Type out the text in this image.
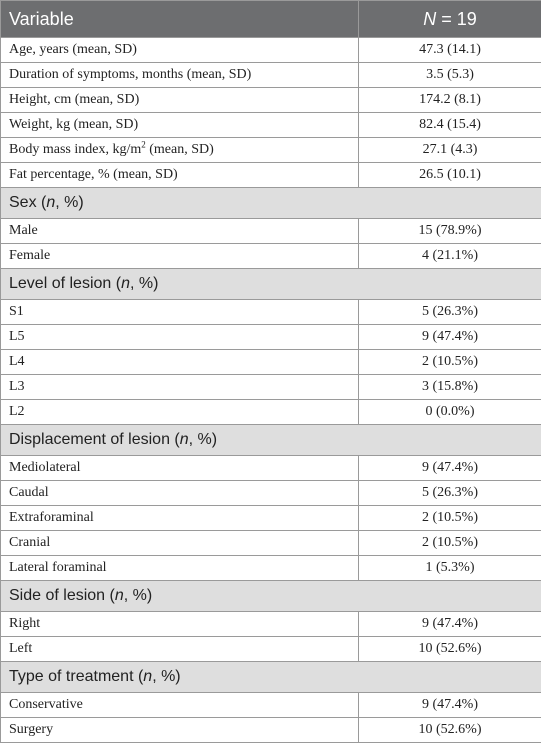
Variable	N = 19
Age, years (mean, SD)	47.3 (14.1)
Duration of symptoms, months (mean, SD)	3.5 (5.3)
Height, cm (mean, SD)	174.2 (8.1)
Weight, kg (mean, SD)	82.4 (15.4)
Body mass index, $kg/m^2$ (mean, SD)	27.1 (4.3)
Fat percentage, % (mean, SD)	26.5 (10.1)
Sex (n, %)	
Male	15 (78.9%)
Female	4 (21.1%)
Level of lesion (n, %)	
S1	5 (26.3%)
L5	9 (47.4%)
L4	2 (10.5%)
L3	3 (15.8%)
L2	0 (0.0%)
Displacement of lesion (n, %)	
Mediolateral	9 (47.4%)
Caudal	5 (26.3%)
Extraforaminal	2 (10.5%)
Cranial	2 (10.5%)
Lateral foraminal	1 (5.3%)
Side of lesion (n, %)	
Right	9 (47.4%)
Left	10 (52.6%)
Type of treatment (n, %)	
Conservative	9 (47.4%)
Surgery	10 (52.6%)
